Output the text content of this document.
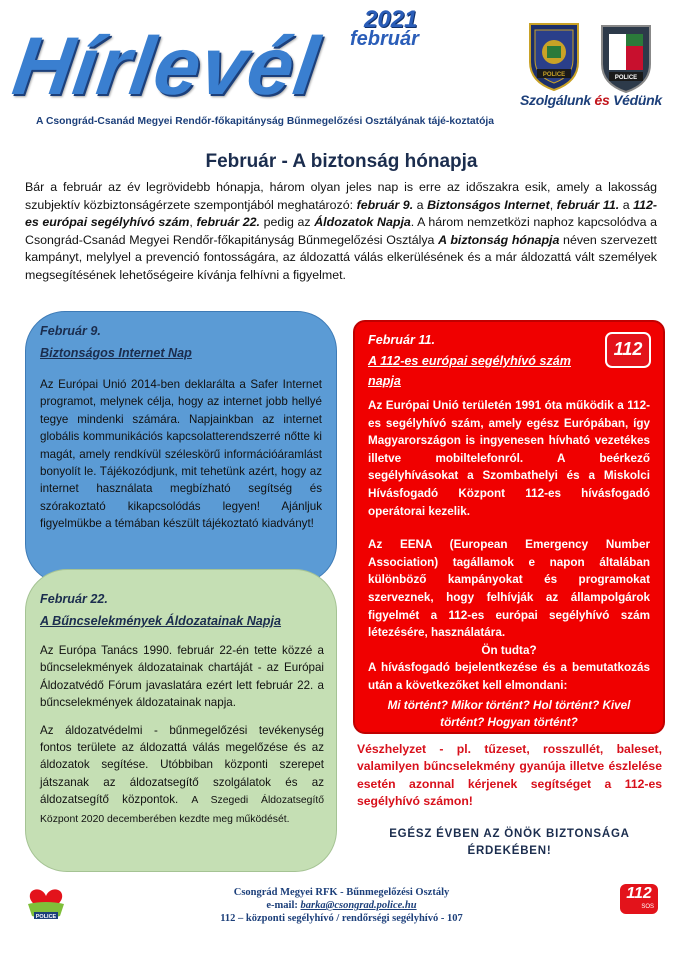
2021
február
Hírlevél
A Csongrád-Csanád Megyei Rendőr-főkapitányság Bűnmegelőzési Osztályának tájé-koztatója
POLICE	POLICE
Szolgálunk és Védünk
Február - A biztonság hónapja
Bár a február az év legrövidebb hónapja, három olyan jeles nap is erre az időszakra esik, amely a lakosság szubjektív közbiztonságérzete szempontjából meghatározó: február 9. a Biztonságos Internet, február 11. a 112-es európai segélyhívó szám, február 22. pedig az Áldozatok Napja. A három nemzetközi naphoz kapcsolódva a Csongrád-Csanád Megyei Rendőr-főkapitányság Bűnmegelőzési Osztálya A biztonság hónapja néven szervezett kampányt, melylyel a prevenció fontosságára, az áldozattá válás elkerülésének és a már áldozattá vált személyek megsegítésének lehetőségeire kívánja felhívni a figyelmet.
Február 9.
Biztonságos Internet Nap
Az Európai Unió 2014-ben deklarálta a Safer Internet programot, melynek célja, hogy az internet jobb hellyé tegye mindenki számára. Napjainkban az internet globális kommunikációs kapcsolatterendszerré nőtte ki magát, amely rendkívül széleskörű információáramlást bonyolít le. Tájékozódjunk, mit tehetünk azért, hogy az internet használata megbízható segítség és szórakoztató kikapcsolódás legyen! Ajánljuk figyelmükbe a témában készült tájékoztató kiadványt!
Február 22.
A Bűncselekmények Áldozatainak Napja
Az Európa Tanács 1990. február 22-én tette közzé a bűncselekmények áldozatainak chartáját - az Európai Áldozatvédő Fórum javaslatára ezért lett február 22. a bűncselekmények áldozatainak napja.
Az áldozatvédelmi - bűnmegelőzési tevékenység fontos területe az áldozattá válás megelőzése és az áldozatok segítése. Utóbbiban központi szerepet játszanak az áldozatsegítő szolgálatok és az áldozatsegítő központok. A Szegedi Áldozatsegítő Központ 2020 decemberében kezdte meg működését.
112
Február 11.
A 112-es európai segélyhívó szám napja
Az Európai Unió területén 1991 óta működik a 112-es segélyhívó szám, amely egész Európában, így Magyarországon is ingyenesen hívható vezetékes illetve mobiltelefonról. A beérkező segélyhívásokat a Szombathelyi és a Miskolci Hívásfogadó Központ 112-es hívásfogadó operátorai kezelik.
Az EENA (European Emergency Number Association) tagállamok e napon általában különböző kampányokat és programokat szerveznek, hogy felhívják az állampolgárok figyelmét a 112-es európai segélyhívó szám létezésére, használatára.
Ön tudta?
A hívásfogadó bejelentkezése és a bemutatkozás után a következőket kell elmondani:
Mi történt? Mikor történt? Hol történt? Kivel történt? Hogyan történt?
Vészhelyzet - pl. tűzeset, rosszullét, baleset, valamilyen bűncselekmény gyanúja illetve észlelése esetén azonnal kérjenek segítséget a 112-es segélyhívó számon!
EGÉSZ ÉVBEN AZ ÖNÖK BIZTONSÁGA ÉRDEKÉBEN!
POLICE
Csongrád Megyei RFK - Bűnmegelőzési Osztály
e-mail: barka@csongrad.police.hu
112 – központi segélyhívó / rendőrségi segélyhívó - 107
112
SOS
